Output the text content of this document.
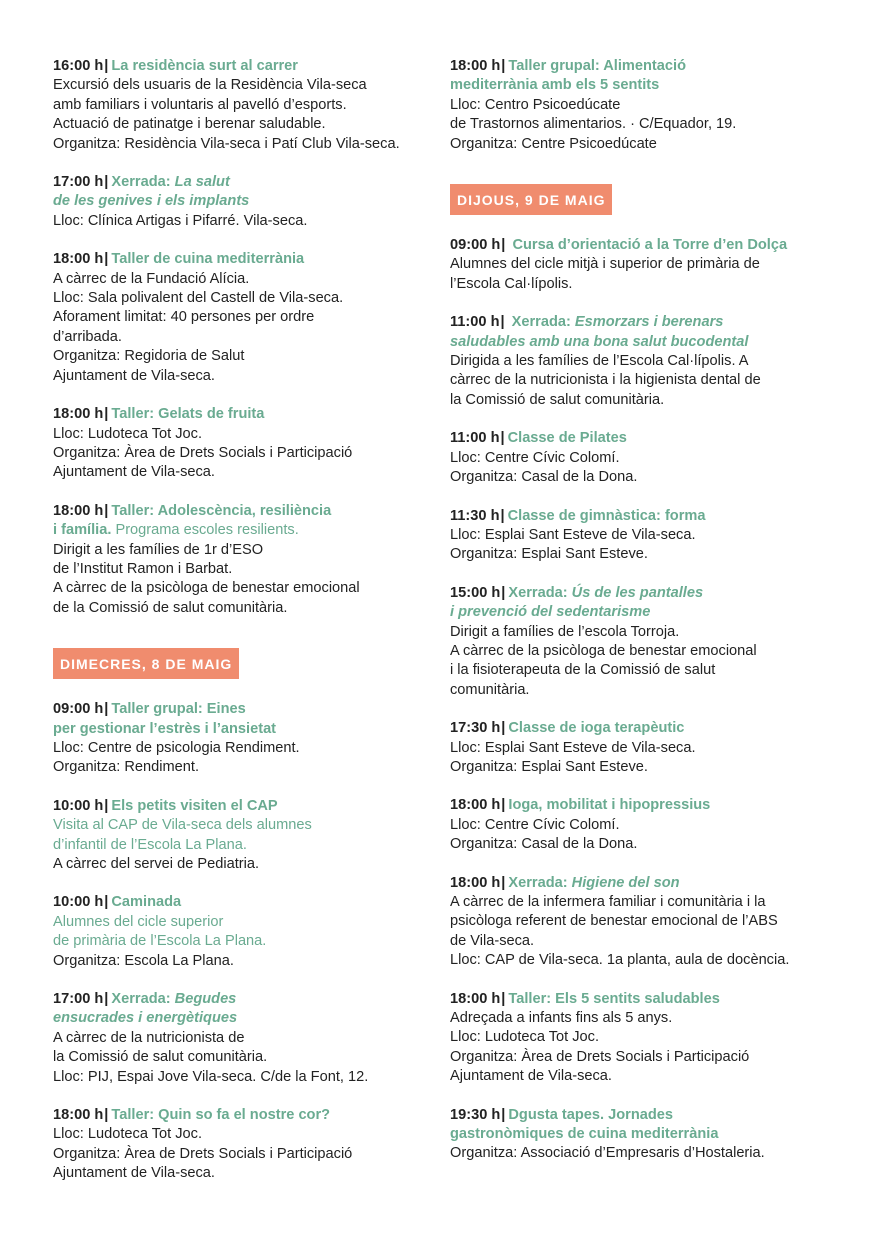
16:00 h| La residència surt al carrer
Excursió dels usuaris de la Residència Vila-seca
amb familiars i voluntaris al pavelló d’esports.
Actuació de patinatge i berenar saludable.
Organitza: Residència Vila-seca i Patí Club Vila-seca.
17:00 h| Xerrada: La salut
de les genives i els implants
Lloc: Clínica Artigas i Pifarré. Vila-seca.
18:00 h| Taller de cuina mediterrània
A càrrec de la Fundació Alícia.
Lloc: Sala polivalent del Castell de Vila-seca.
Aforament limitat: 40 persones per ordre
d’arribada.
Organitza: Regidoria de Salut
Ajuntament de Vila-seca.
18:00 h| Taller: Gelats de fruita
Lloc: Ludoteca Tot Joc.
Organitza: Àrea de Drets Socials i Participació
Ajuntament de Vila-seca.
18:00 h| Taller: Adolescència, resiliència
i família. Programa escoles resilients.
Dirigit a les famílies de 1r d’ESO
de l’Institut Ramon i Barbat.
A càrrec de la psicòloga de benestar emocional
de la Comissió de salut comunitària.
DIMECRES, 8 DE MAIG
09:00 h| Taller grupal: Eines
per gestionar l’estrès i l’ansietat
Lloc: Centre de psicologia Rendiment.
Organitza: Rendiment.
10:00 h| Els petits visiten el CAP
Visita al CAP de Vila-seca dels alumnes
d’infantil de l’Escola La Plana.
A càrrec del servei de Pediatria.
10:00 h| Caminada
Alumnes del cicle superior
de primària de l’Escola La Plana.
Organitza: Escola La Plana.
17:00 h| Xerrada: Begudes
ensucrades i energètiques
A càrrec de la nutricionista de
la Comissió de salut comunitària.
Lloc: PIJ, Espai Jove Vila-seca. C/de la Font, 12.
18:00 h| Taller: Quin so fa el nostre cor?
Lloc: Ludoteca Tot Joc.
Organitza: Àrea de Drets Socials i Participació
Ajuntament de Vila-seca.
18:00 h| Taller grupal: Alimentació
mediterrània amb els 5 sentits
Lloc: Centro Psicoedúcate
de Trastornos alimentarios. · C/Equador, 19.
Organitza: Centre Psicoedúcate
DIJOUS, 9 DE MAIG
09:00 h| Cursa d’orientació a la Torre d’en Dolça
Alumnes del cicle mitjà i superior de primària de
l’Escola Cal·lípolis.
11:00 h| Xerrada: Esmorzars i berenars
saludables amb una bona salut bucodental
Dirigida a les famílies de l’Escola Cal·lípolis. A
càrrec de la nutricionista i la higienista dental de
la Comissió de salut comunitària.
11:00 h| Classe de Pilates
Lloc: Centre Cívic Colomí.
Organitza: Casal de la Dona.
11:30 h| Classe de gimnàstica: forma
Lloc: Esplai Sant Esteve de Vila-seca.
Organitza: Esplai Sant Esteve.
15:00 h| Xerrada: Ús de les pantalles
i prevenció del sedentarisme
Dirigit a famílies de l’escola Torroja.
A càrrec de la psicòloga de benestar emocional
i la fisioterapeuta de la Comissió de salut
comunitària.
17:30 h| Classe de ioga terapèutic
Lloc: Esplai Sant Esteve de Vila-seca.
Organitza: Esplai Sant Esteve.
18:00 h| Ioga, mobilitat i hipopressius
Lloc: Centre Cívic Colomí.
Organitza: Casal de la Dona.
18:00 h| Xerrada: Higiene del son
A càrrec de la infermera familiar i comunitària i la
psicòloga referent de benestar emocional de l’ABS
de Vila-seca.
Lloc: CAP de Vila-seca. 1a planta, aula de docència.
18:00 h| Taller: Els 5 sentits saludables
Adreçada a infants fins als 5 anys.
Lloc: Ludoteca Tot Joc.
Organitza: Àrea de Drets Socials i Participació
Ajuntament de Vila-seca.
19:30 h| Dgusta tapes. Jornades
gastronòmiques de cuina mediterrània
Organitza: Associació d’Empresaris d’Hostaleria.
